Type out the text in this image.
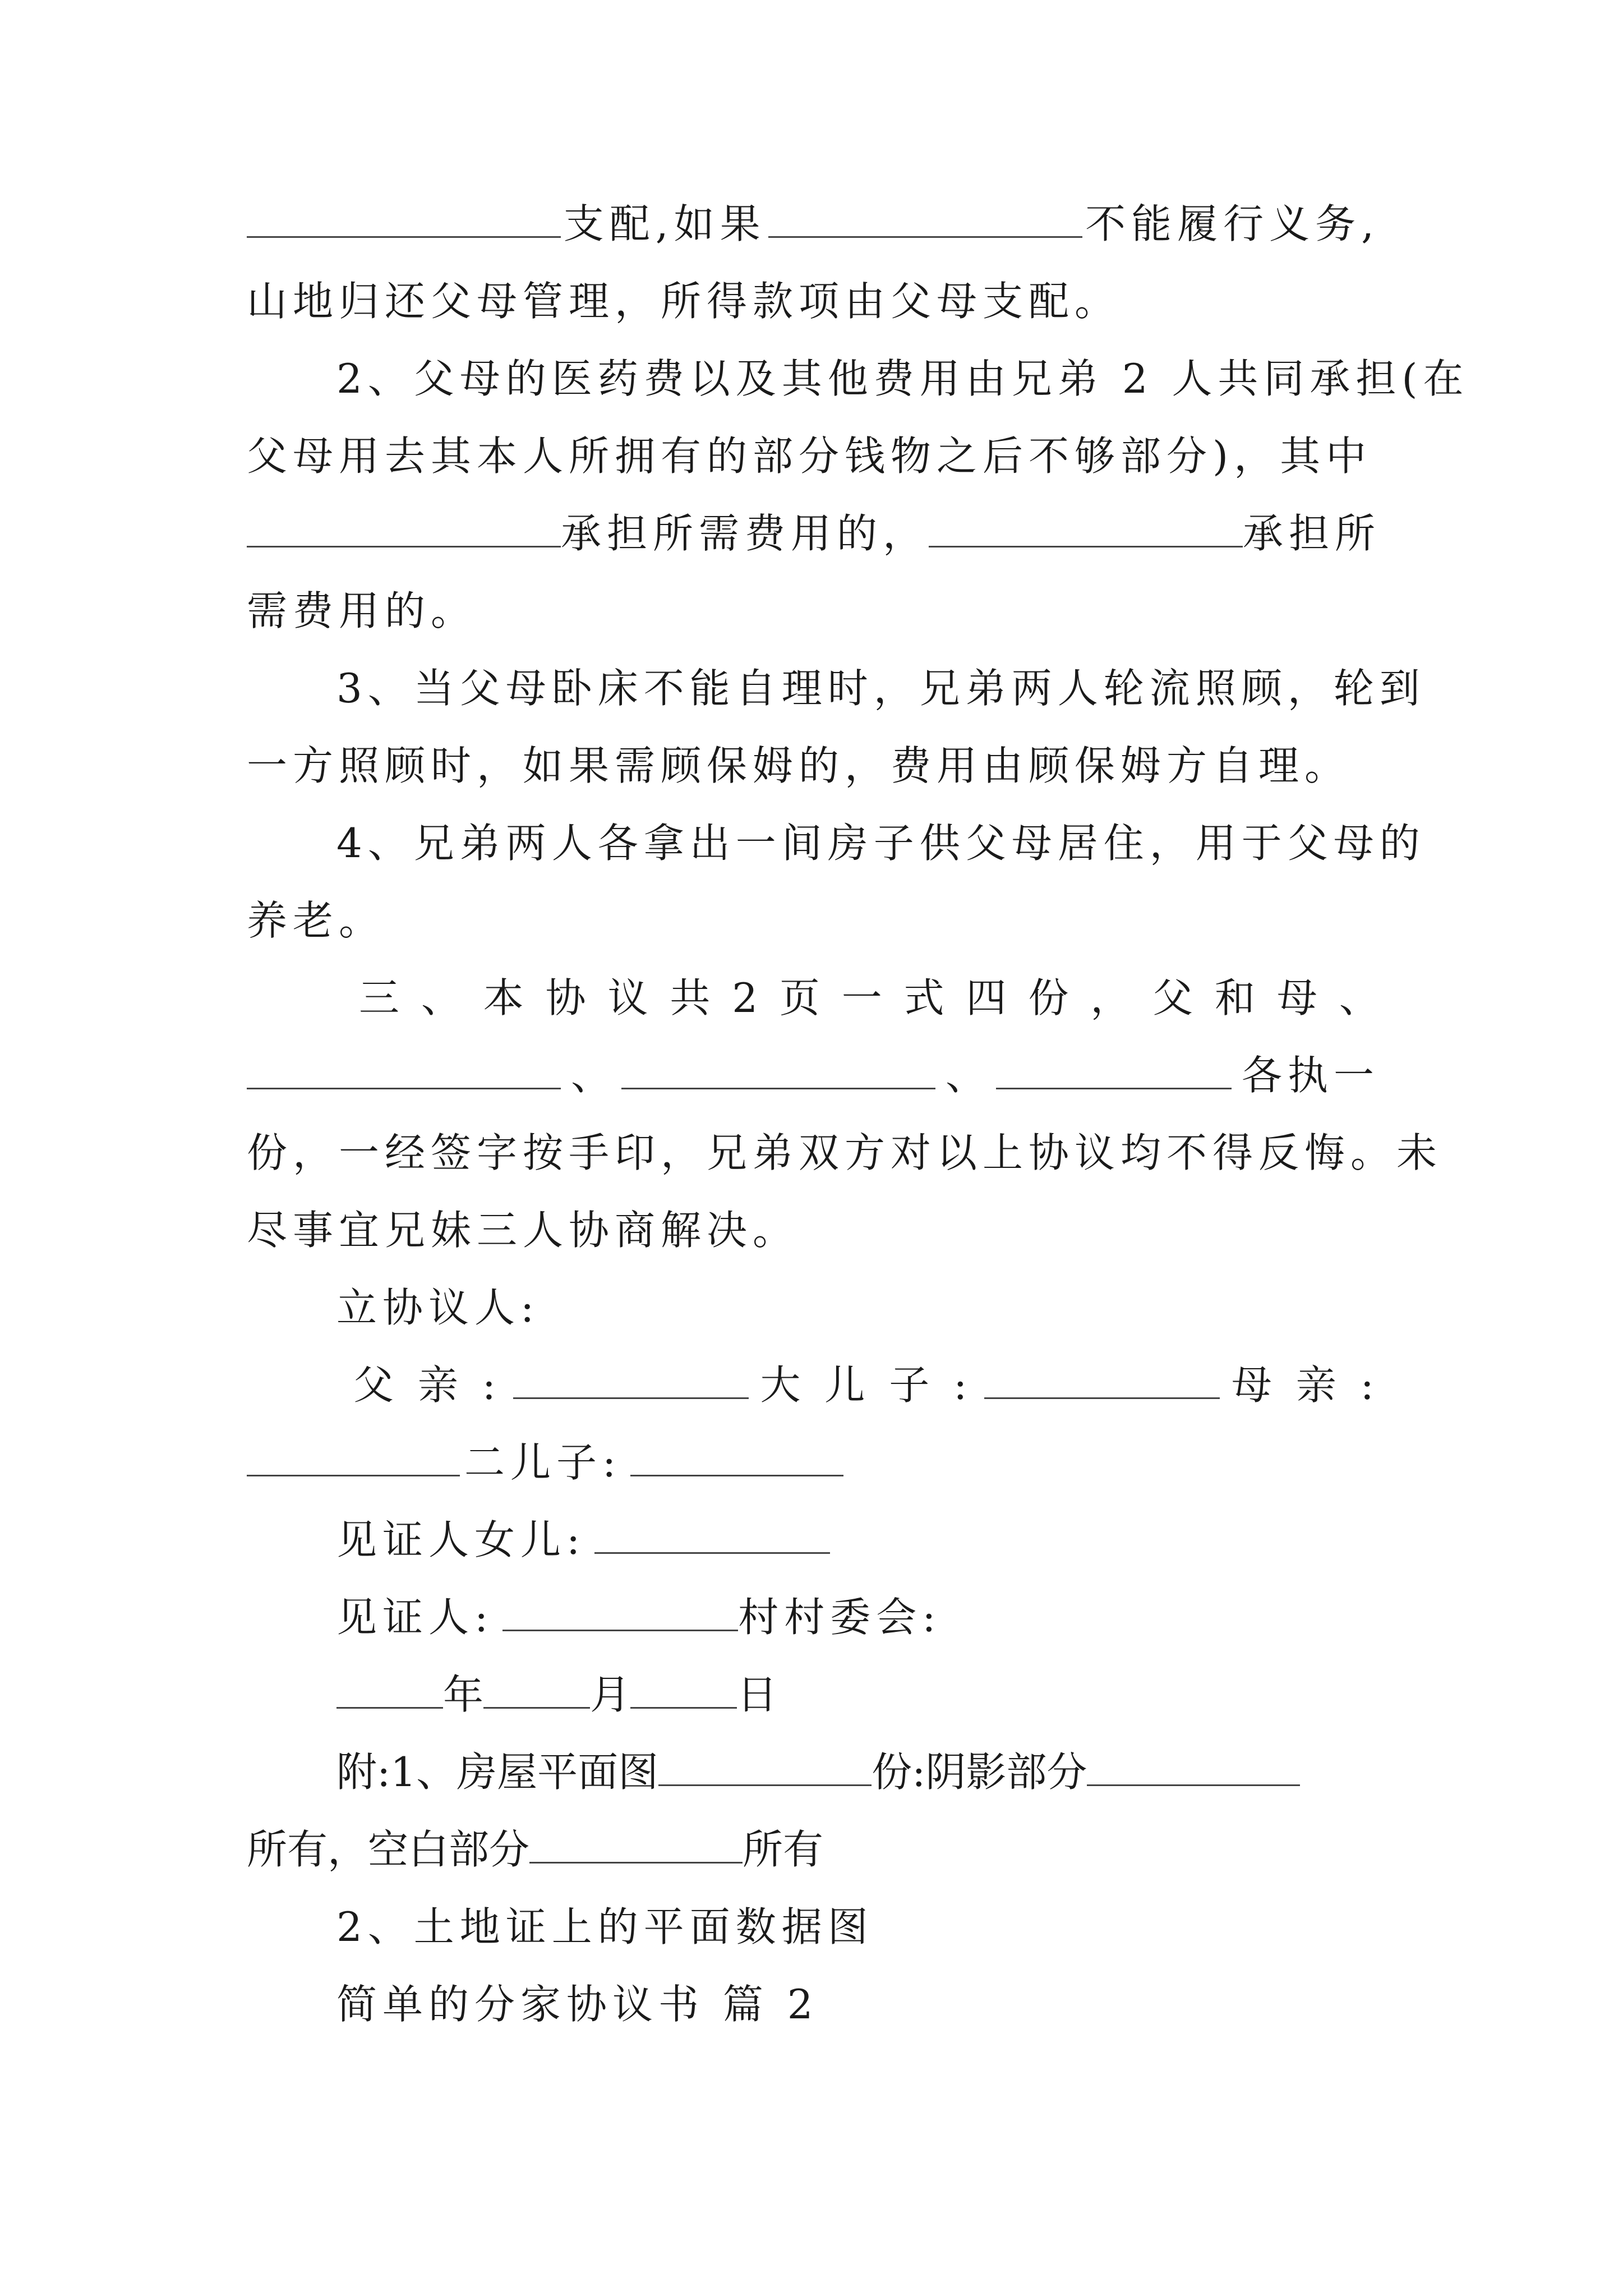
支配,如果	不能履行义务,
山地归还父母管理，所得款项由父母支配。
2、父母的医药费以及其他费用由兄弟 2 人共同承担(在
父母用去其本人所拥有的部分钱物之后不够部分)，其中
承担所需费用的，	承担所
需费用的。
3、当父母卧床不能自理时，兄弟两人轮流照顾，轮到
一方照顾时，如果需顾保姆的，费用由顾保姆方自理。
4、兄弟两人各拿出一间房子供父母居住，用于父母的
养老。
三 、 本 协 议 共 2 页 一 式 四 份 ， 父 和 母 、
、	、	各执一
份，一经签字按手印，兄弟双方对以上协议均不得反悔。未
尽事宜兄妹三人协商解决。
立协议人:
父 亲 :	大 儿 子 :	母 亲 :
二儿子:
见证人女儿:
见证人:	村村委会:
年	月	日
附:1、房屋平面图	份:阴影部分
所有，空白部分	所有
2、土地证上的平面数据图
简单的分家协议书 篇 2
